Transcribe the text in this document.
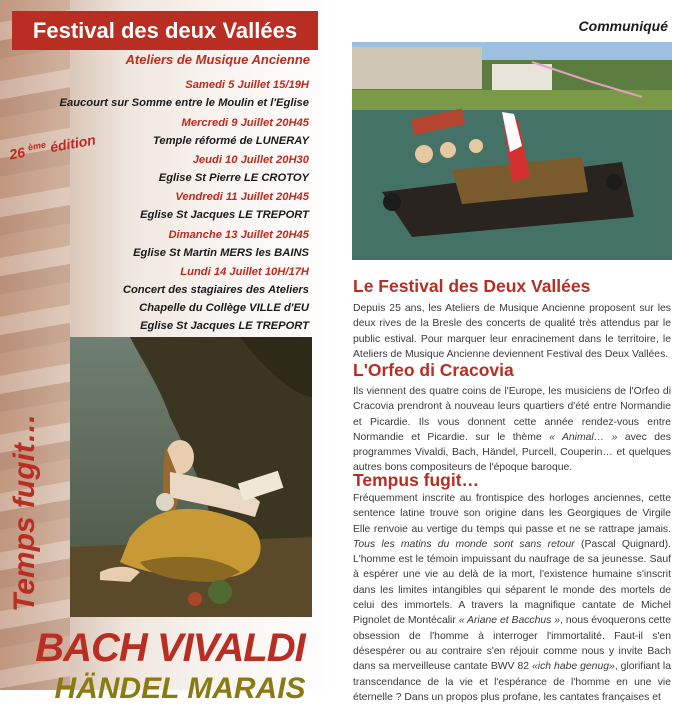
Festival des deux Vallées
Ateliers de Musique Ancienne
26 $^{ème}$ édition
Samedi 5 Juillet 15/19H
Eaucourt sur Somme entre le Moulin et l'Eglise
Mercredi 9 Juillet 20H45
Temple réformé de LUNERAY
Jeudi 10 Juillet 20H30
Eglise St Pierre LE CROTOY
Vendredi 11 Juillet 20H45
Eglise St Jacques LE TREPORT
Dimanche 13 Juillet 20H45
Eglise St Martin MERS les BAINS
Lundi 14 Juillet 10H/17H
Concert des stagiaires des Ateliers
Chapelle du Collège VILLE d'EU
Eglise St Jacques LE TREPORT
Temps fugit…
BACH VIVALDI
HÄNDEL MARAIS
Communiqué
Le Festival des Deux Vallées
Depuis 25 ans, les Ateliers de Musique Ancienne proposent sur les deux rives de la Bresle des concerts de qualité très attendus par le public estival. Pour marquer leur enracinement dans le territoire, le Ateliers de Musique Ancienne deviennent Festival des Deux Vallées.
L'Orfeo di Cracovia
Ils viennent des quatre coins de l'Europe, les musiciens de l'Orfeo di Cracovia prendront à nouveau leurs quartiers d'été entre Normandie et Picardie. Ils vous donnent cette année rendez-vous entre Normandie et Picardie. sur le thème « Animal… » avec des programmes Vivaldi, Bach, Händel, Purcell, Couperin… et quelques autres bons compositeurs de l'époque baroque.
Tempus fugit…
Fréquemment inscrite au frontispice des horloges anciennes, cette sentence latine trouve son origine dans les Georgiques de Virgile Elle renvoie au vertige du temps qui passe et ne se rattrape jamais. Tous les matins du monde sont sans retour (Pascal Quignard). L'homme est le témoin impuissant du naufrage de sa jeunesse. Sauf à espérer une vie au delà de la mort, l'existence humaine s'inscrit dans les limites intangibles qui séparent le monde des mortels de celui des immortels. A travers la magnifique cantate de Michel Pignolet de Montécalir « Ariane et Bacchus », nous évoquerons cette obsession de l'homme à interroger l'immortalité. Faut-il s'en désespérer ou au contraire s'en réjouir comme nous y invite Bach dans sa merveilleuse cantate BWV 82 «ich habe genug», glorifiant la transcendance de la vie et l'espérance de l'homme en une vie éternelle ? Dans un propos plus profane, les cantates françaises et
